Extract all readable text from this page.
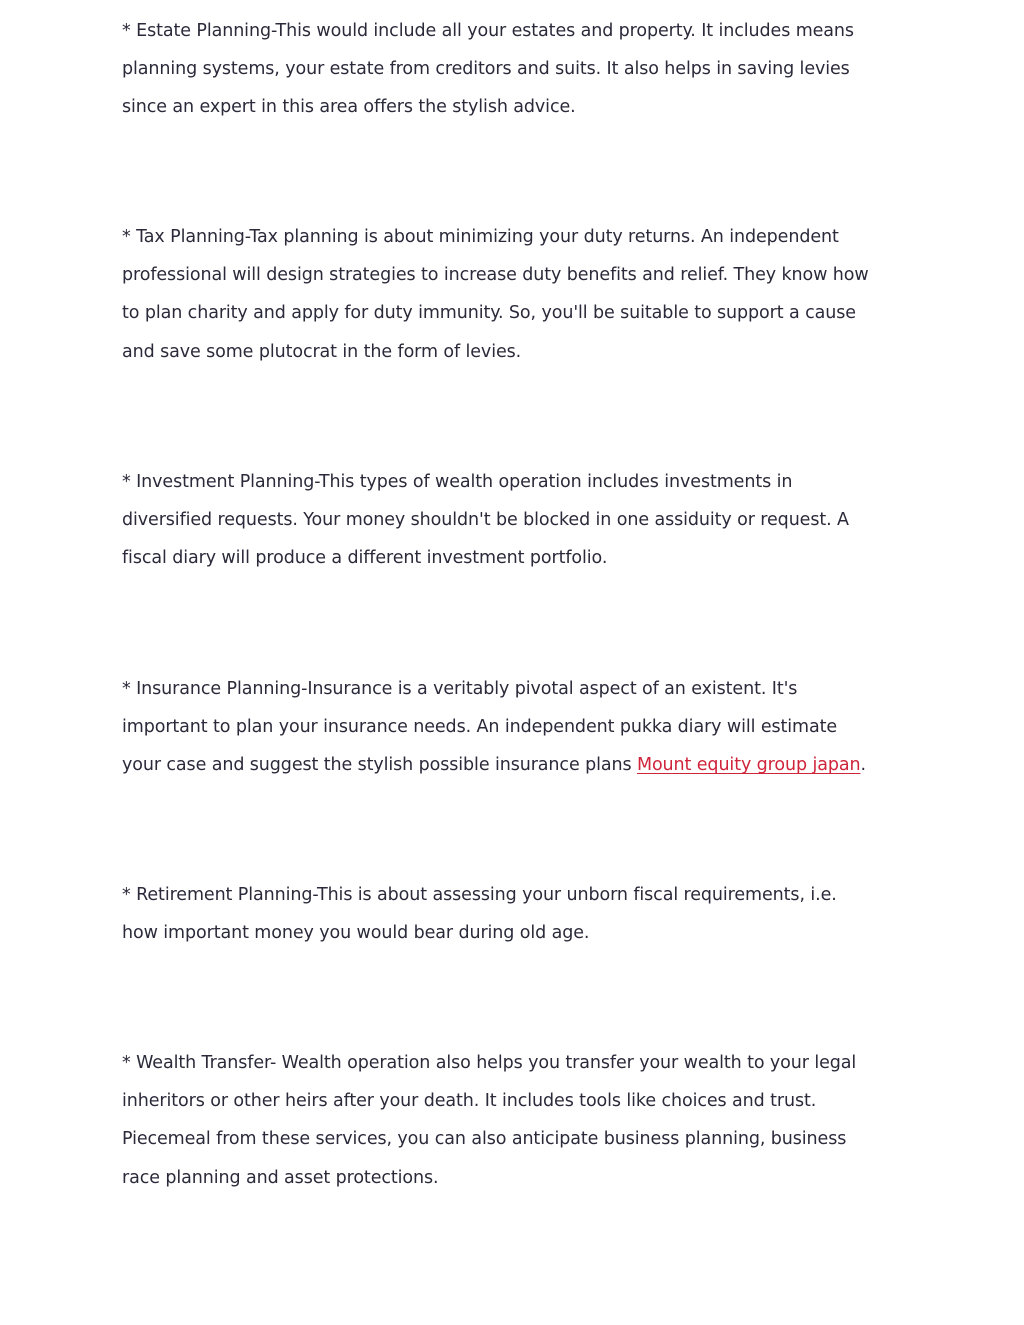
* Estate Planning-This would include all your estates and property. It includes means
planning systems, your estate from creditors and suits. It also helps in saving levies
since an expert in this area offers the stylish advice.

* Tax Planning-Tax planning is about minimizing your duty returns. An independent
professional will design strategies to increase duty benefits and relief. They know how
to plan charity and apply for duty immunity. So, you'll be suitable to support a cause
and save some plutocrat in the form of levies.

* Investment Planning-This types of wealth operation includes investments in
diversified requests. Your money shouldn't be blocked in one assiduity or request. A
fiscal diary will produce a different investment portfolio.

* Insurance Planning-Insurance is a veritably pivotal aspect of an existent. It's
important to plan your insurance needs. An independent pukka diary will estimate
your case and suggest the stylish possible insurance plans Mount equity group japan.

* Retirement Planning-This is about assessing your unborn fiscal requirements, i.e.
how important money you would bear during old age.

* Wealth Transfer- Wealth operation also helps you transfer your wealth to your legal
inheritors or other heirs after your death. It includes tools like choices and trust.
Piecemeal from these services, you can also anticipate business planning, business
race planning and asset protections.
